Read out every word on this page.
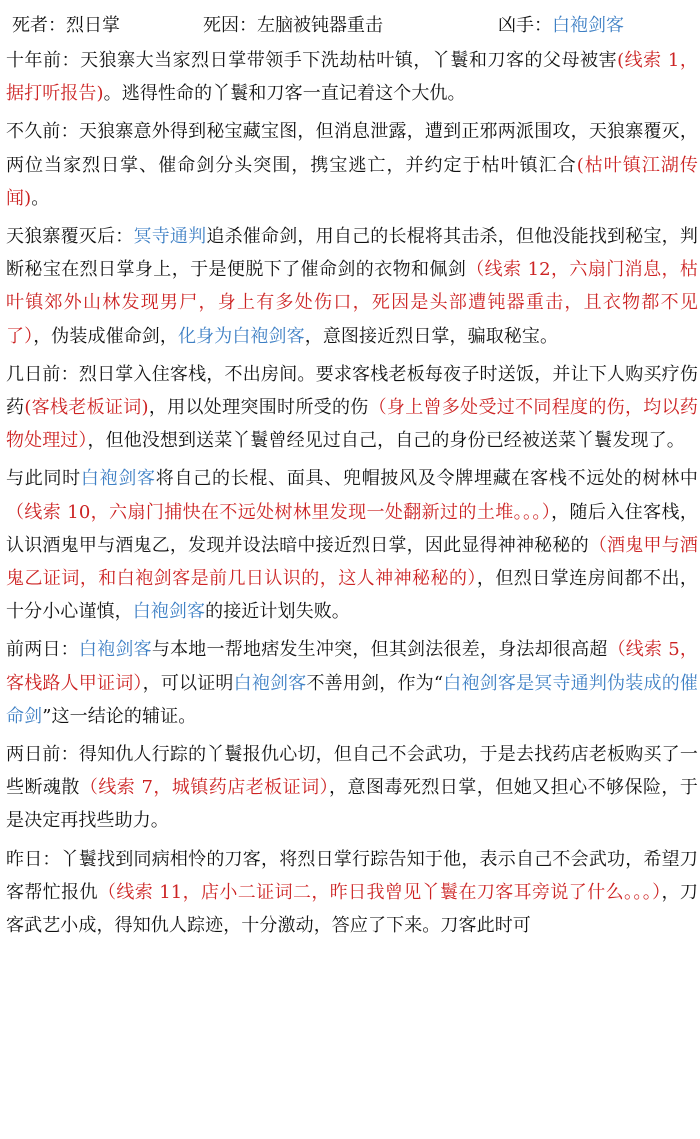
死者：烈日掌	死因：左脑被钝器重击	凶手：白袍剑客

十年前：天狼寨大当家烈日掌带领手下洗劫枯叶镇，丫鬟和刀客的父母被害(线索 1，据打听报告)。逃得性命的丫鬟和刀客一直记着这个大仇。

不久前：天狼寨意外得到秘宝藏宝图，但消息泄露，遭到正邪两派围攻，天狼寨覆灭，两位当家烈日掌、催命剑分头突围，携宝逃亡，并约定于枯叶镇汇合(枯叶镇江湖传闻)。

天狼寨覆灭后：冥寺通判追杀催命剑，用自己的长棍将其击杀，但他没能找到秘宝，判断秘宝在烈日掌身上，于是便脱下了催命剑的衣物和佩剑（线索 12，六扇门消息，枯叶镇郊外山林发现男尸，身上有多处伤口，死因是头部遭钝器重击，且衣物都不见了），伪装成催命剑，化身为白袍剑客，意图接近烈日掌，骗取秘宝。

几日前：烈日掌入住客栈，不出房间。要求客栈老板每夜子时送饭，并让下人购买疗伤药(客栈老板证词)，用以处理突围时所受的伤（身上曾多处受过不同程度的伤，均以药物处理过），但他没想到送菜丫鬟曾经见过自己，自己的身份已经被送菜丫鬟发现了。

与此同时白袍剑客将自己的长棍、面具、兜帽披风及令牌埋藏在客栈不远处的树林中（线索 10，六扇门捕快在不远处树林里发现一处翻新过的土堆。。。），随后入住客栈，认识酒鬼甲与酒鬼乙，发现并设法暗中接近烈日掌，因此显得神神秘秘的（酒鬼甲与酒鬼乙证词，和白袍剑客是前几日认识的，这人神神秘秘的），但烈日掌连房间都不出，十分小心谨慎，白袍剑客的接近计划失败。

前两日：白袍剑客与本地一帮地痞发生冲突，但其剑法很差，身法却很高超（线索 5，客栈路人甲证词），可以证明白袍剑客不善用剑，作为“白袍剑客是冥寺通判伪装成的催命剑”这一结论的辅证。

两日前：得知仇人行踪的丫鬟报仇心切，但自己不会武功，于是去找药店老板购买了一些断魂散（线索 7，城镇药店老板证词），意图毒死烈日掌，但她又担心不够保险，于是决定再找些助力。

昨日：丫鬟找到同病相怜的刀客，将烈日掌行踪告知于他，表示自己不会武功，希望刀客帮忙报仇（线索 11，店小二证词二，昨日我曾见丫鬟在刀客耳旁说了什么。。。），刀客武艺小成，得知仇人踪迹，十分激动，答应了下来。刀客此时可
